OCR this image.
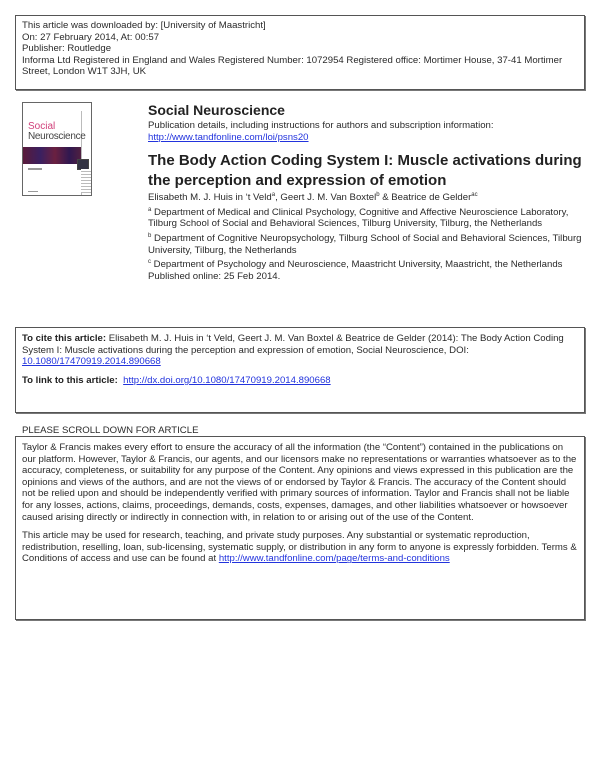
This article was downloaded by: [University of Maastricht]

On: 27 February 2014, At: 00:57

Publisher: Routledge

Informa Ltd Registered in England and Wales Registered Number: 1072954 Registered office: Mortimer House, 37-41 Mortimer Street, London W1T 3JH, UK

Social
Neuroscience

Social Neuroscience

Publication details, including instructions for authors and subscription information:

http://www.tandfonline.com/loi/psns20

The Body Action Coding System I: Muscle activations during the perception and expression of emotion

Elisabeth M. J. Huis in ‘t Veld$^a$, Geert J. M. Van Boxtel$^b$ & Beatrice de Gelder$^{ac}$

$^a$ Department of Medical and Clinical Psychology, Cognitive and Affective Neuroscience Laboratory, Tilburg School of Social and Behavioral Sciences, Tilburg University, Tilburg, the Netherlands

$^b$ Department of Cognitive Neuropsychology, Tilburg School of Social and Behavioral Sciences, Tilburg University, Tilburg, the Netherlands

$^c$ Department of Psychology and Neuroscience, Maastricht University, Maastricht, the Netherlands

Published online: 25 Feb 2014.

To cite this article: Elisabeth M. J. Huis in ‘t Veld, Geert J. M. Van Boxtel & Beatrice de Gelder (2014): The Body Action Coding System I: Muscle activations during the perception and expression of emotion, Social Neuroscience, DOI: 10.1080/17470919.2014.890668

To link to this article: http://dx.doi.org/10.1080/17470919.2014.890668

PLEASE SCROLL DOWN FOR ARTICLE

Taylor & Francis makes every effort to ensure the accuracy of all the information (the “Content”) contained in the publications on our platform. However, Taylor & Francis, our agents, and our licensors make no representations or warranties whatsoever as to the accuracy, completeness, or suitability for any purpose of the Content. Any opinions and views expressed in this publication are the opinions and views of the authors, and are not the views of or endorsed by Taylor & Francis. The accuracy of the Content should not be relied upon and should be independently verified with primary sources of information. Taylor and Francis shall not be liable for any losses, actions, claims, proceedings, demands, costs, expenses, damages, and other liabilities whatsoever or howsoever caused arising directly or indirectly in connection with, in relation to or arising out of the use of the Content.

This article may be used for research, teaching, and private study purposes. Any substantial or systematic reproduction, redistribution, reselling, loan, sub-licensing, systematic supply, or distribution in any form to anyone is expressly forbidden. Terms & Conditions of access and use can be found at http://www.tandfonline.com/page/terms-and-conditions
